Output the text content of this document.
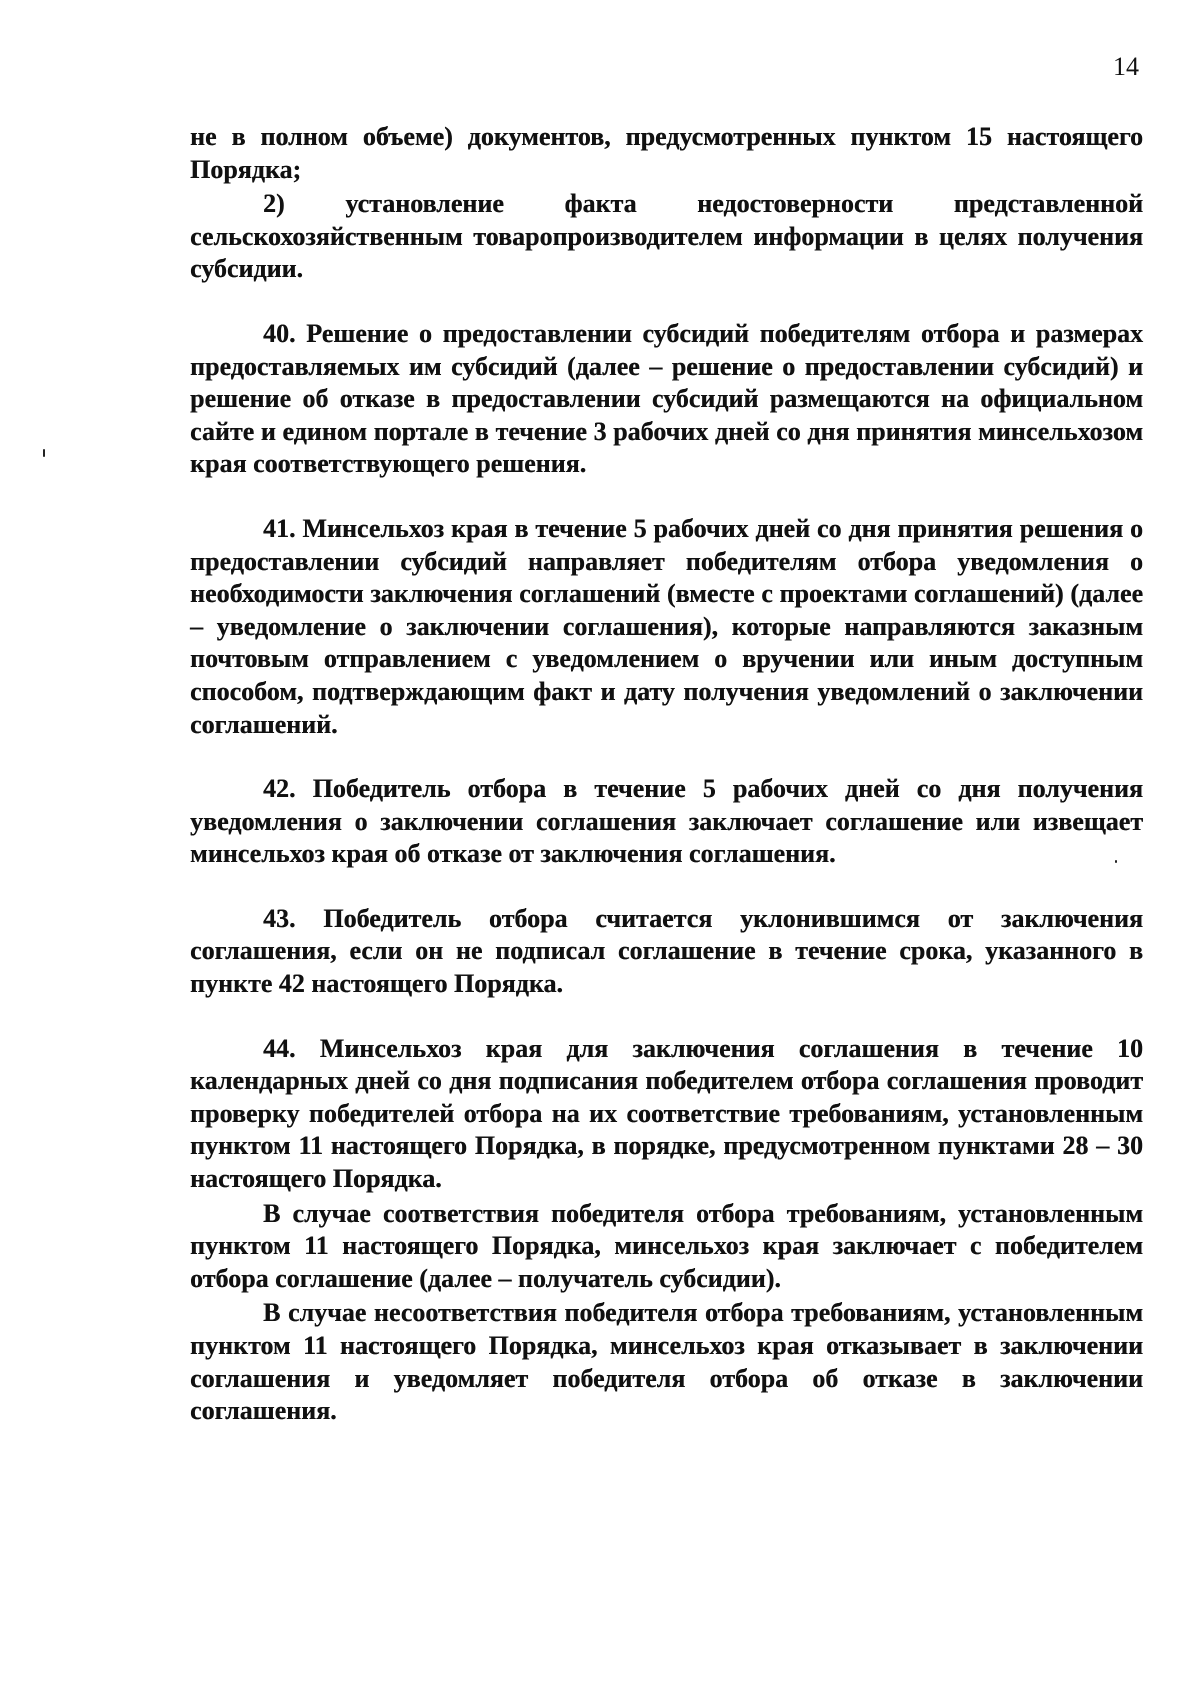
14

не в полном объеме) документов, предусмотренных пунктом 15 настоящего Порядка;

2) установление факта недостоверности представленной сельскохозяйственным товаропроизводителем информации в целях получения субсидии.

40. Решение о предоставлении субсидий победителям отбора и размерах предоставляемых им субсидий (далее – решение о предоставлении субсидий) и решение об отказе в предоставлении субсидий размещаются на официальном сайте и едином портале в течение 3 рабочих дней со дня принятия минсельхозом края соответствующего решения.

41. Минсельхоз края в течение 5 рабочих дней со дня принятия решения о предоставлении субсидий направляет победителям отбора уведомления о необходимости заключения соглашений (вместе с проектами соглашений) (далее – уведомление о заключении соглашения), которые направляются заказным почтовым отправлением с уведомлением о вручении или иным доступным способом, подтверждающим факт и дату получения уведомлений о заключении соглашений.

42. Победитель отбора в течение 5 рабочих дней со дня получения уведомления о заключении соглашения заключает соглашение или извещает минсельхоз края об отказе от заключения соглашения.

43. Победитель отбора считается уклонившимся от заключения соглашения, если он не подписал соглашение в течение срока, указанного в пункте 42 настоящего Порядка.

44. Минсельхоз края для заключения соглашения в течение 10 календарных дней со дня подписания победителем отбора соглашения проводит проверку победителей отбора на их соответствие требованиям, установленным пунктом 11 настоящего Порядка, в порядке, предусмотренном пунктами 28 – 30 настоящего Порядка.

В случае соответствия победителя отбора требованиям, установленным пунктом 11 настоящего Порядка, минсельхоз края заключает с победителем отбора соглашение (далее – получатель субсидии).

В случае несоответствия победителя отбора требованиям, установленным пунктом 11 настоящего Порядка, минсельхоз края отказывает в заключении соглашения и уведомляет победителя отбора об отказе в заключении соглашения.
